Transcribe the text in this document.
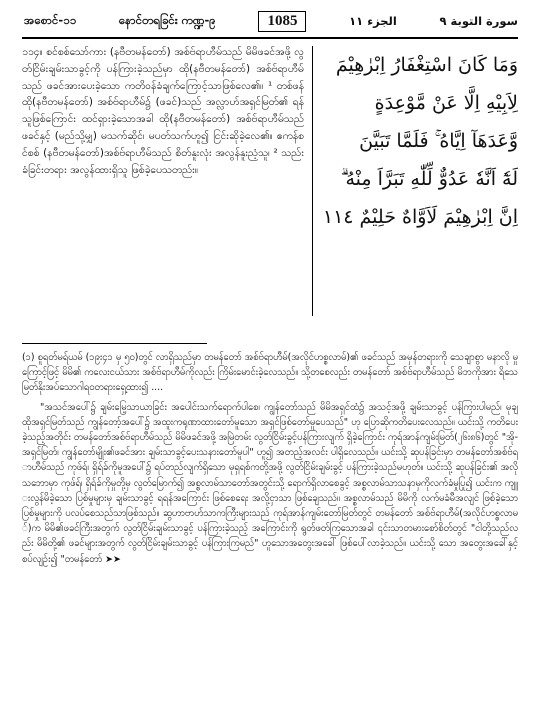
အစောင်-၁၁	နောင်တရခြင်း ကဏ္ဍ-၉	1085	الجزء ١١	سورة التوبة ٩
၁၁၄။ စင်စစ်သော်ကား (နဗီတမန်တော်) အစ်ဗ်ရာဟီမ်သည် မိမိဖခင်အဖို့ လွတ်ငြိမ်းချမ်းသာခွင့်ကို ပန်ကြားခဲ့သည်မှာ ထို(နဗီတမန်တော်) အစ်ဗ်ရာဟီမ်သည် ဖခင်အားပေးခဲ့သော ကတိဝန်ခံချက်ကြောင့်သာဖြစ်လေ၏။ ¹ တစ်ဖန်ထို(နဗီတမန်တော်) အစ်ဗ်ရာဟီမ်၌ (ဖခင်)သည် အလ္လာဟ်အရှင်မြတ်၏ ရန်သူဖြစ်ကြောင်း ထင်ရှားခဲ့သောအခါ ထို(နဗီတမန်တော်) အစ်ဗ်ရာဟီမ်သည် ဖခင်နှင့် (မည်သို့မျှ) မသက်ဆိုင်၊ မပတ်သက်ဟူ၍ ငြင်းဆိုခဲ့လေ၏။ ဧကန်စင်စစ် (နဗီတမန်တော်)အစ်ဗ်ရာဟီမ်သည် စိတ်နူးလုံး အလွန်နူးညံ့သူ၊ ² သည်းခံခြင်းတရား အလွန်ထားရှိသူ ဖြစ်ခဲ့ပေသတည်း။
وَمَا كَانَ اسْتِغْفَارُ اِبْرٰهِيْمَ
لِاَبِيْهِ اِلَّا عَنْ مَّوْعِدَةٍ
وَّعَدَهَآ اِيَّاهُ ۚ فَلَمَّا تَبَيَّنَ
لَهٗٓ اَنَّهٗ عَدُوٌّ لِّلّٰهِ تَبَرَّاَ مِنْهُ ۗ
اِنَّ اِبْرٰهِيْمَ لَاَوَّاهٌ حَلِيْمٌ ١١٤

(၁) စူရတ်မရ်ယမ် (၁၉း၄၁ မှ ၅၀)တွင် လာရှိသည်မှာ တမန်တော် အစ်ဗ်ရာဟီမ်(အလိုင်ဟစ္စလာမ်)၏ ဖခင်သည် အမှန်တရားကို သေချာစွာ မနာလို မှုကြောင့်ဖြင့် မိမိ၏ ကလေးငယ်သား အစ်ဗ်ရာဟီမ်ကိုလည်း ကြိမ်းမောင်းခဲ့လေသည်။ သို့တစေလည်း တမန်တော် အစ်ဗ်ရာဟီမ်သည် မိဘကိုအား ရိသေမြတ်နိုးအပ်သောဂါရဝတရားရှေ့ထား၍ ....

"အသင်အပေါ်၌ ချမ်းမြေ့သာယာခြင်း အပေါင်းသက်ရောက်ပါစေ၊ ကျွန်တော်သည် မိမိအရှင်ထံ၌ အသင့်အဖို့ ချမ်းသာခွင့် ပန်ကြားပါမည်၊ မုချ ထိုအရှင်မြတ်သည် ကျွန်တော့်အပေါ်၌ အထူးကရုဏာထားတော်မူသော အရှင်ဖြစ်တော်မူပေသည်" ဟု ပြောဆိုကတိပေးလေသည်။ ယင်းသို့ ကတိပေးခဲ့သည့်အတိုင်း တမန်တော်အစ်ဗ်ရာဟီမ်သည် မိမိဖခင်အဖို့ အမြဲတမ်း လွတ်ငြိမ်းခွင့်ပန်ကြားလျက် ရှိခဲ့ကြောင်း ကုရ်အာန်ကျမ်းမြတ်(၂၆း၈၆)တွင် "အို-အရှင်မြတ်၊ ကျွန်တော်မျိုး၏ဖခင်အား ချမ်းသာခွင့်ပေးသနားတော်မူပါ" ဟူ၍ အတည့်အလင်း ပါရှိလေသည်။ ယင်းသို့ ဆုပန်ခြင်းမှာ တမန်တော်အစ်ဗ်ရာဟီမ်သည် ကုဖ်ရ်၊ ရှိရ်ခ်ကိုမူအပေါ်၌ ရပ်တည်လျက်ရှိသော မုရှရစ်ကတို့အဖို့ လွတ်ငြိမ်းချမ်းခွင့် ပန်ကြားခဲ့သည်မဟုတ်။ ယင်းသို့ ဆုပန်ခြင်း၏ အလိုသဘောမှာ ကုဖ်ရ်၊ ရှိရ်ခ်ကိုမှုတို့မှ လွတ်မြောက်၍ အစ္စလာမ်သာတော်အတွင်းသို့ ရောက်ရှိလာစေခွင့် အစ္စလာမ်သာသနာမှကိုလက်ခံမှုပြု၍ ယင်းက ကျူးလွန်မိခဲ့သော ပြစ်မှုများမှ ချမ်းသာခွင့် ရရန်အကြောင်း ဖြစ်စေရေး အလို့ငှာသာ ဖြစ်ချေသည်။ အစ္စလာမ်သည် မိမိကို လက်မခံမီအလျင် ဖြစ်ခဲ့သော ပြစ်မှုများကို ပလပ်စေသည်သာဖြစ်သည်။ ဆွဟာဗာဟ်သာကကြီးများသည် ကုရ်အာန်ကျမ်းတော်မြတ်တွင် တမန်တော် အစ်ဗ်ရာဟီမ်(အလိုင်ဟစ္စလာမ်)က မိမိ၏ဖခင်ကြီးအတွက် လွတ်ငြိမ်းချမ်းသာခွင့် ပန်ကြားခဲ့သည့် အကြောင်းကို ရွတ်ဖတ်ကြသောအခါ ၎င်းသာတမားစော်စိတ်တွင် "ငါတို့သည်လည်း မိမိတို့၏ ဖခင်များအတွက် လွတ်ငြိမ်းချမ်းသာခွင့် ပန်ကြားကြမည်" ဟူသောအတွေးအခေါ် ဖြစ်ပေါ်လာခဲ့သည်။ ယင်းသို့ သော အတွေးအခေါ်နှင့်စပ်လျဉ်း၍ "တမန်တော် ➤➤
